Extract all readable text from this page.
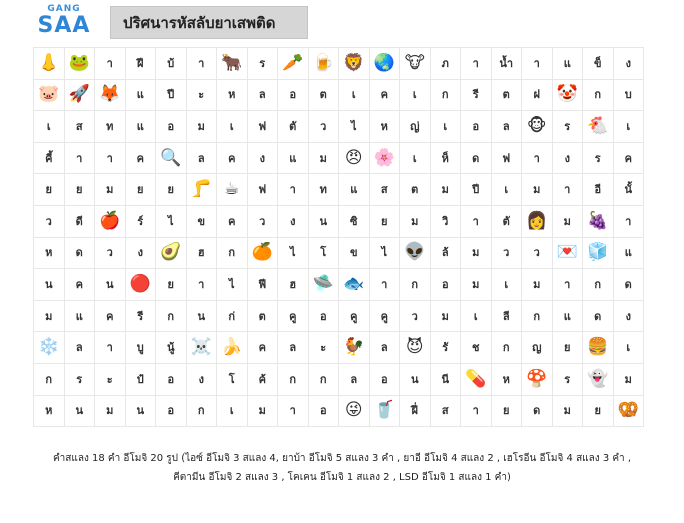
GANG
SAA	ปริศนารหัสลับยาเสพติด
👃	🐸	า	ฝี	บ้	า	🐂	ร	🥕	🍺	🦁	🌏	🐮	ภ	า	น้ำ	า	แ	ข็	ง
🐷	🚀	🦊	แ	ปี	ะ	ห	ล	อ	ต	เ	ค	เ	ก	รี	ต	ฝ	🤡	ก	บ
เ	ส	ท	แ	อ	ม	เ	ฟ	ตั	ว	ไ	ห	ญ่	เ	อ	ล	🐵	ร	🐔	เ
คี้	า	า	ค	🔍	ล	ค	ง	แ	ม	😠	🌸	เ	ห็	ด	ฟ	า	ง	ร	ค
ย	ย	ม	ย	ย	🦵	☕	ฟ	า	ท	แ	ส	ต	ม	ปี	เ	ม	า	อี	นั้
ว	ดี	🍎	ร์	ไ	ข	ค	ว	ง	น	ซิ	ย	ม	วิ	า	ตั	👩	ม	🍇	า
ห	ด	ว	ง	🥑	ฮ	ก	🍊	ไ	โ	ข	ไ	👽	ล้	ม	ว	ว	💌	🧊	แ
น	ค	น	🔴	ย	า	ไ	ฟี	ฮ	🛸	🐟	า	ก	อ	ม	เ	ม	า	ก	ด
ม	แ	ค	รี	ก	น	ก่	ต	คู	อ	คู	คู	ว	ม	เ	ลี	ก	แ	ด	ง
❄️	ล	า	บู	นู้	☠️	🍌	ค	ล	ะ	🐓	ล	😈	รั	ช	ก	ญ	ย	🍔	เ
ก	ร	ะ	ป๋	อ	ง	โ	ค้	ก	ก	ล	อ	น	นี	💊	ห	🍄	ร	👻	ม
ห	น	ม	น	อ	ก	เ	ม	า	อ	😜	🥤	ฝี่	ส	า	ย	ด	ม	ย	🥨
คำสแลง 18 คำ อีโมจิ 20 รูป (ไอซ์ อีโมจิ 3 สแลง 4, ยาบ้า อีโมจิ 5 สแลง 3 คำ , ยาอี อีโมจิ 4 สแลง 2 , เฮโรอีน อีโมจิ 4 สแลง 3 คำ ,
คีตามีน อีโมจิ 2 สแลง 3 , โคเคน อีโมจิ 1 สแลง 2 , LSD อีโมจิ 1 สแลง 1 คำ)
